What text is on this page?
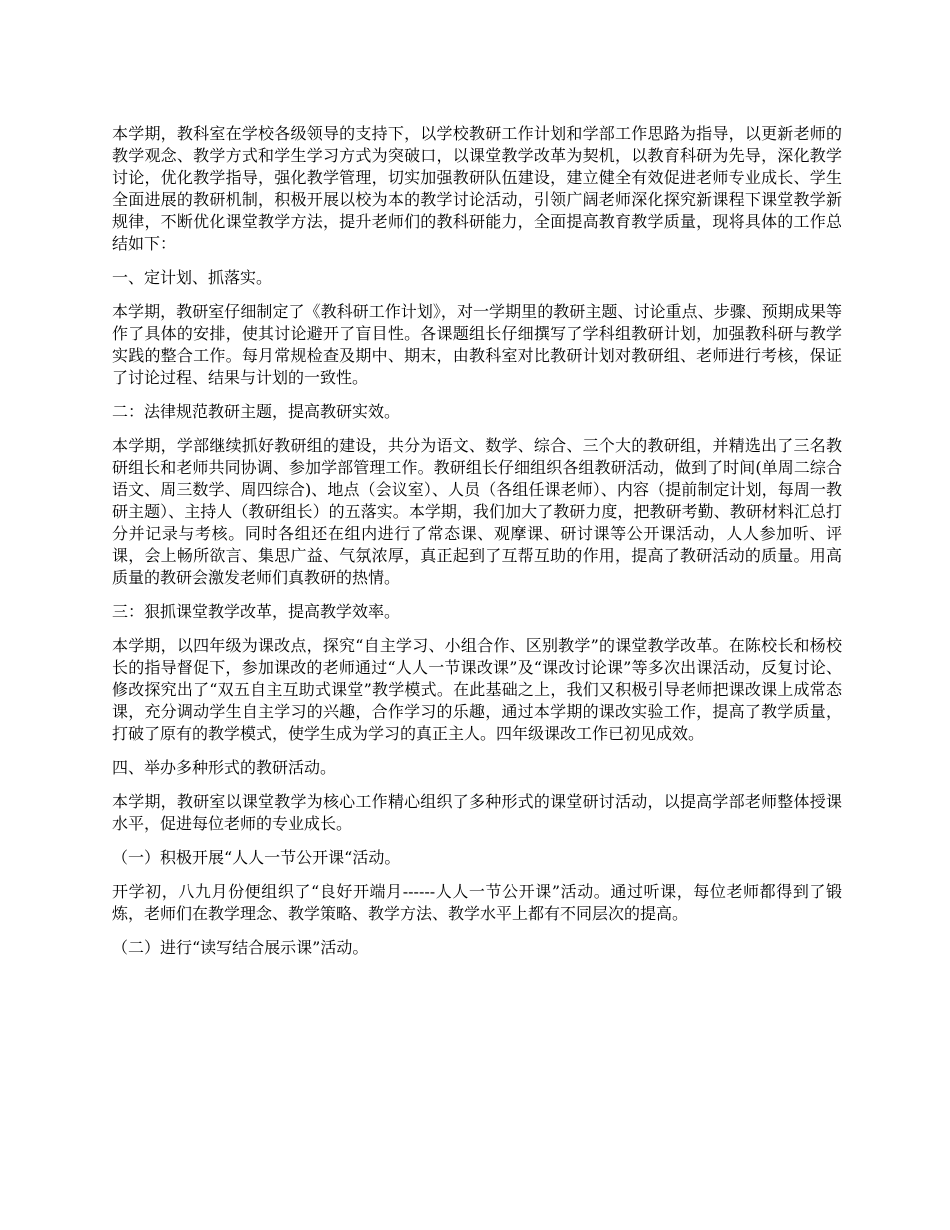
本学期，教科室在学校各级领导的支持下，以学校教研工作计划和学部工作思路为指导，以更新老师的教学观念、教学方式和学生学习方式为突破口，以课堂教学改革为契机，以教育科研为先导，深化教学讨论，优化教学指导，强化教学管理，切实加强教研队伍建设，建立健全有效促进老师专业成长、学生全面进展的教研机制，积极开展以校为本的教学讨论活动，引领广阔老师深化探究新课程下课堂教学新规律，不断优化课堂教学方法，提升老师们的教科研能力，全面提高教育教学质量，现将具体的工作总结如下：

一、定计划、抓落实。

本学期，教研室仔细制定了《教科研工作计划》，对一学期里的教研主题、讨论重点、步骤、预期成果等作了具体的安排，使其讨论避开了盲目性。各课题组长仔细撰写了学科组教研计划，加强教科研与教学实践的整合工作。每月常规检查及期中、期末，由教科室对比教研计划对教研组、老师进行考核，保证了讨论过程、结果与计划的一致性。

二：法律规范教研主题，提高教研实效。

本学期，学部继续抓好教研组的建设，共分为语文、数学、综合、三个大的教研组，并精选出了三名教研组长和老师共同协调、参加学部管理工作。教研组长仔细组织各组教研活动，做到了时间(单周二综合语文、周三数学、周四综合)、地点（会议室）、人员（各组任课老师）、内容（提前制定计划，每周一教研主题）、主持人（教研组长）的五落实。本学期，我们加大了教研力度，把教研考勤、教研材料汇总打分并记录与考核。同时各组还在组内进行了常态课、观摩课、研讨课等公开课活动，人人参加听、评课，会上畅所欲言、集思广益、气氛浓厚，真正起到了互帮互助的作用，提高了教研活动的质量。用高质量的教研会激发老师们真教研的热情。

三：狠抓课堂教学改革，提高教学效率。

本学期，以四年级为课改点，探究“自主学习、小组合作、区别教学”的课堂教学改革。在陈校长和杨校长的指导督促下，参加课改的老师通过“人人一节课改课”及“课改讨论课”等多次出课活动，反复讨论、修改探究出了“双五自主互助式课堂”教学模式。在此基础之上，我们又积极引导老师把课改课上成常态课，充分调动学生自主学习的兴趣，合作学习的乐趣，通过本学期的课改实验工作，提高了教学质量，打破了原有的教学模式，使学生成为学习的真正主人。四年级课改工作已初见成效。

四、举办多种形式的教研活动。

本学期，教研室以课堂教学为核心工作精心组织了多种形式的课堂研讨活动，以提高学部老师整体授课水平，促进每位老师的专业成长。

（一）积极开展“人人一节公开课“活动。

开学初，八九月份便组织了“良好开端月------人人一节公开课”活动。通过听课，每位老师都得到了锻炼，老师们在教学理念、教学策略、教学方法、教学水平上都有不同层次的提高。

（二）进行“读写结合展示课”活动。
